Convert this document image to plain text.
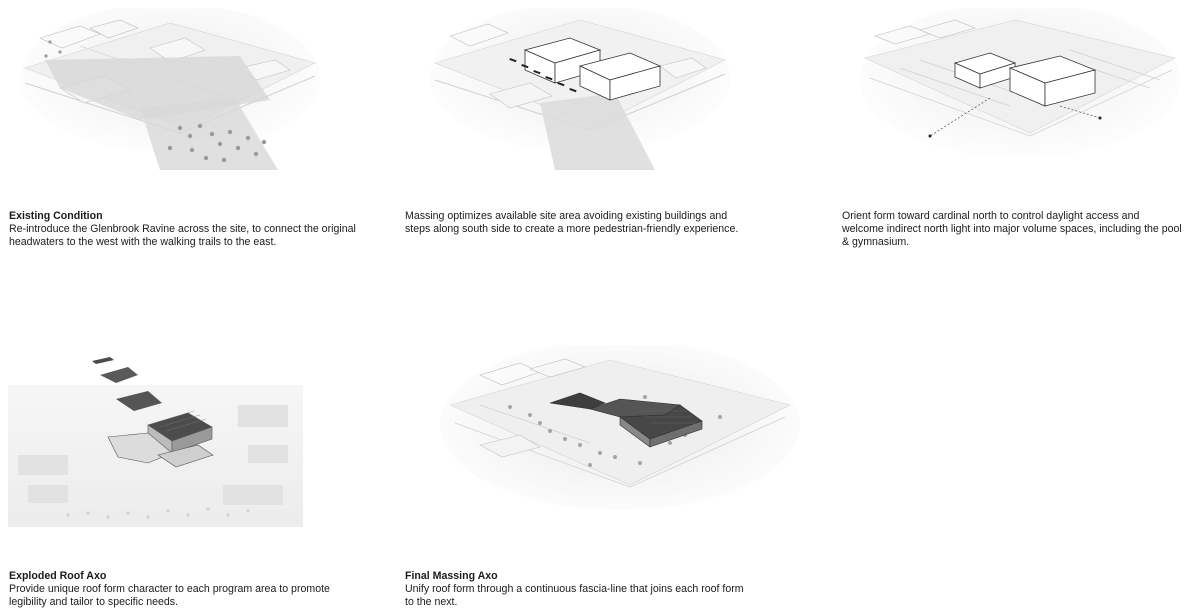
Existing Condition
Re-introduce the Glenbrook Ravine across the site, to connect the original headwaters to the west with the walking trails to the east.
Massing optimizes available site area avoiding existing buildings and steps along south side to create a more pedestrian-friendly experience.
Orient form toward cardinal north to control daylight access and welcome indirect north light into major volume spaces, including the pool & gymnasium.
Exploded Roof Axo
Provide unique roof form character to each program area to promote legibility and tailor to specific needs.
Final Massing Axo
Unify roof form through a continuous fascia-line that joins each roof form to the next.
